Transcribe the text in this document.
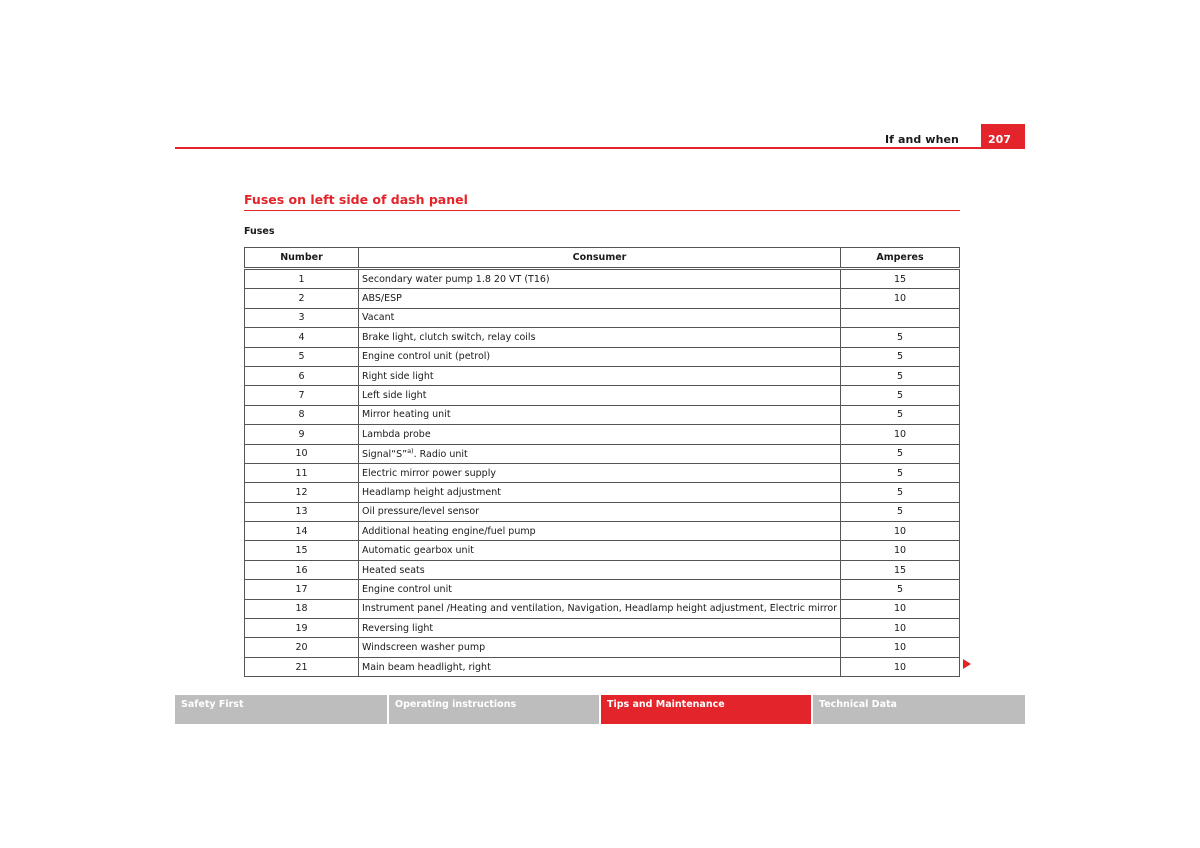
If and when	207
Fuses on left side of dash panel
Fuses
Number	Consumer	Amperes
1	Secondary water pump 1.8 20 VT (T16)	15
2	ABS/ESP	10
3	Vacant	
4	Brake light, clutch switch, relay coils	5
5	Engine control unit (petrol)	5
6	Right side light	5
7	Left side light	5
8	Mirror heating unit	5
9	Lambda probe	10
10	Signal“S”$^{a)}$. Radio unit	5
11	Electric mirror power supply	5
12	Headlamp height adjustment	5
13	Oil pressure/level sensor	5
14	Additional heating engine/fuel pump	10
15	Automatic gearbox unit	10
16	Heated seats	15
17	Engine control unit	5
18	Instrument panel /Heating and ventilation, Navigation, Headlamp height adjustment, Electric mirror	10
19	Reversing light	10
20	Windscreen washer pump	10
21	Main beam headlight, right	10
Safety First	Operating instructions	Tips and Maintenance	Technical Data
